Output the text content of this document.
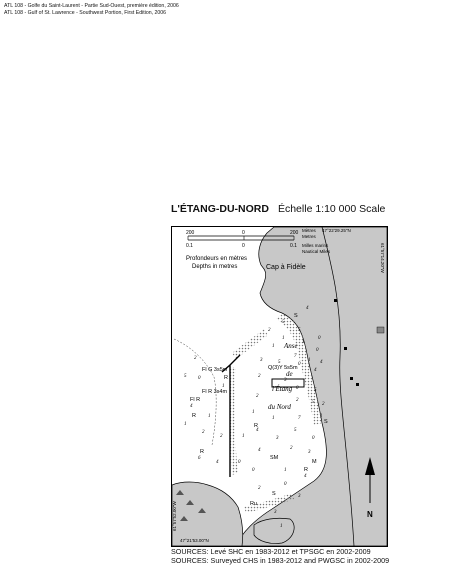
ATL 108 - Golfe du Saint-Laurent - Partie Sud-Ouest, première édition, 2006
ATL 108 - Gulf of St. Lawrence - Southwest Portion, First Edition, 2006
L'ÉTANG-DU-NORD Échelle 1:10 000 Scale
200	0	200 Mètres
Metres
0.1	0	0.1 Milles marins
Nautical Miles
Profondeurs en mètres
Depths in metres
47°22'29.25"N
61°57'14.20"W
61°57'52.00"W
47°21'53.00"N
Cap à Fidèle
Anse
de
l'Étang
du Nord
Q(3)Y 5s5m
Fl G 3s5m
Fl R 3s4m
Fl R
SM
S
S
S
Ru
M
R
R
R
R
R
5
2
1
1
0
0
1
7
1 4
3	5	0
4
2
3
0	5
2
2	5 2
1
1	7	1
4
3
5
0
4	2
3
0	1
4
2
0
3
1
2
5 0
4
1
2
6
4
1
0
5
1
1
2
4
3	N
SOURCES: Levé SHC en 1983-2012 et TPSGC en 2002-2009
SOURCES: Surveyed CHS in 1983-2012 and PWGSC in 2002-2009
